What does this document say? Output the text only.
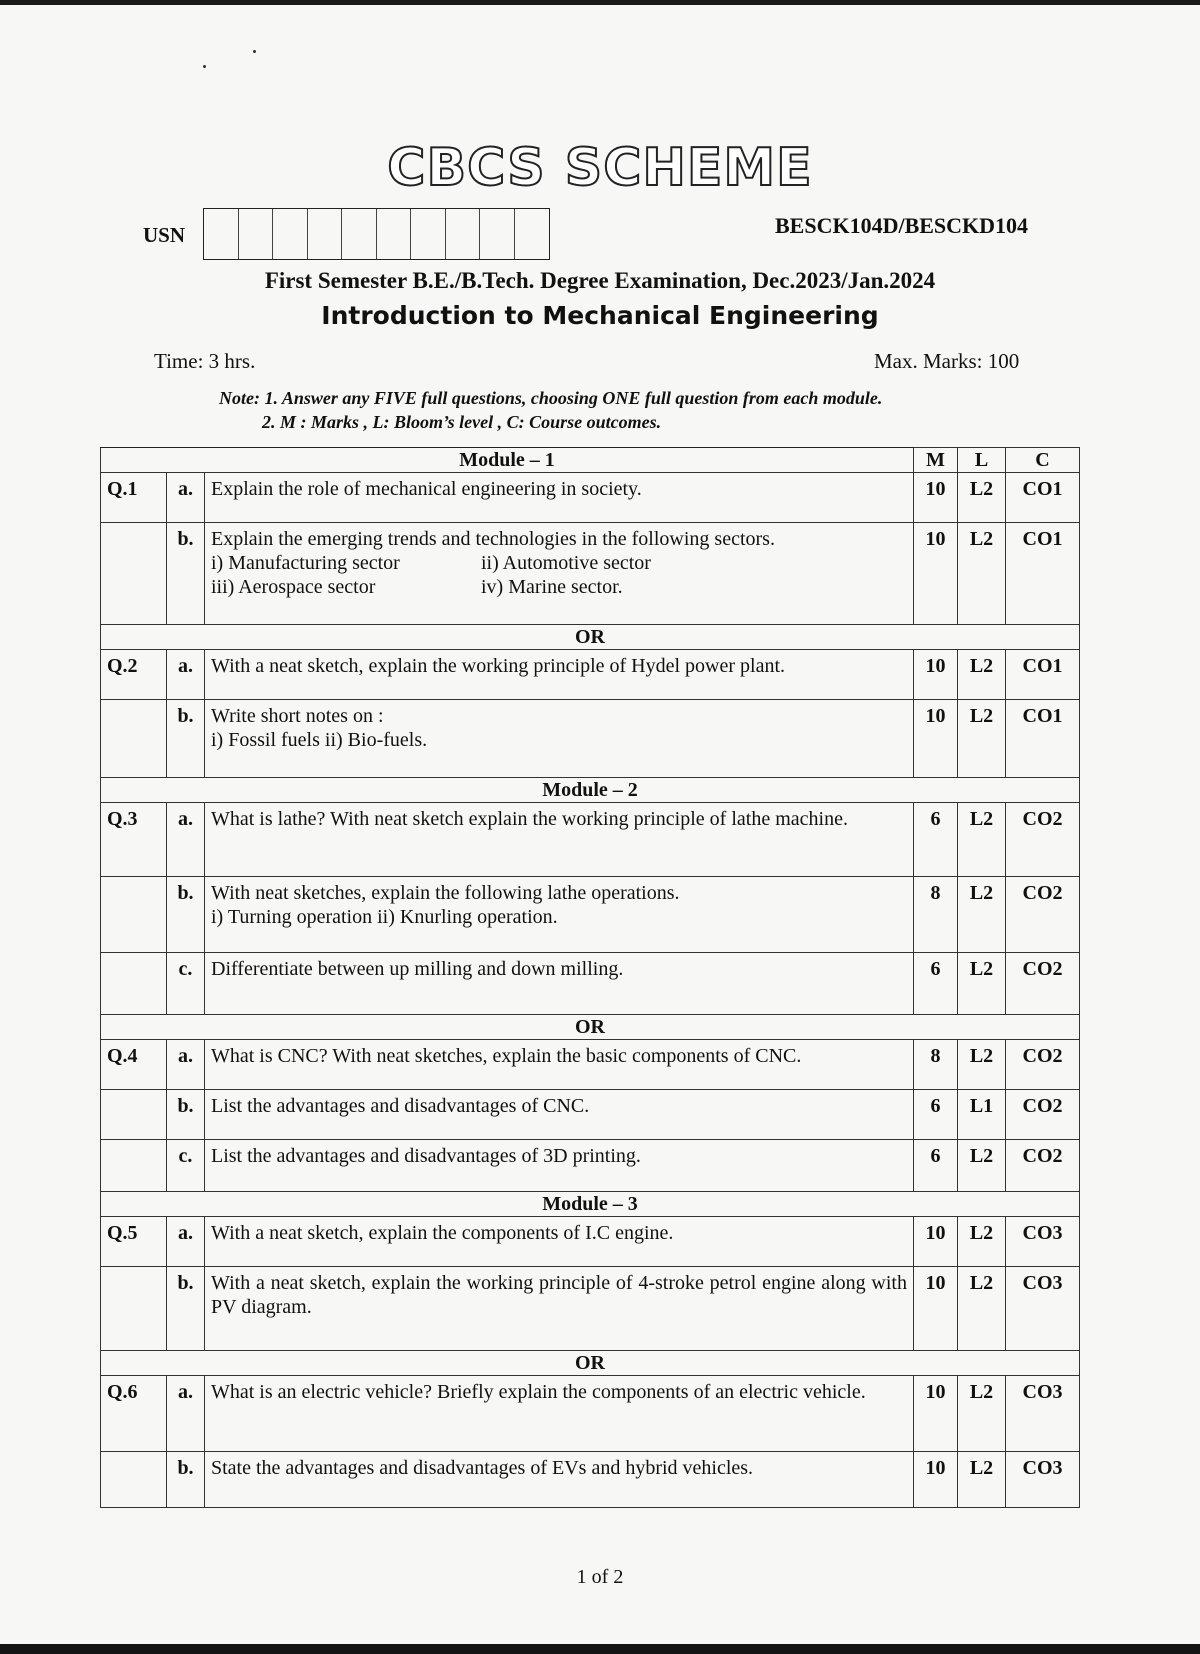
CBCS SCHEME
USN	BESCK104D/BESCKD104
First Semester B.E./B.Tech. Degree Examination, Dec.2023/Jan.2024
Introduction to Mechanical Engineering
Time: 3 hrs.	Max. Marks: 100
Note: 1. Answer any FIVE full questions, choosing ONE full question from each module.
2. M : Marks , L: Bloom’s level , C: Course outcomes.
Module – 1			M	L	C
Q.1	a.	Explain the role of mechanical engineering in society.	10	L2	CO1
	b.	Explain the emerging trends and technologies in the following sectors.
i) Manufacturing sector ii) Automotive sector
iii) Aerospace sector iv) Marine sector.	10	L2	CO1
OR					
Q.2	a.	With a neat sketch, explain the working principle of Hydel power plant.	10	L2	CO1
	b.	Write short notes on :
i) Fossil fuels ii) Bio-fuels.	10	L2	CO1
Module – 2					
Q.3	a.	What is lathe? With neat sketch explain the working principle of lathe machine.	6	L2	CO2
	b.	With neat sketches, explain the following lathe operations.
i) Turning operation ii) Knurling operation.	8	L2	CO2
	c.	Differentiate between up milling and down milling.	6	L2	CO2
OR					
Q.4	a.	What is CNC? With neat sketches, explain the basic components of CNC.	8	L2	CO2
	b.	List the advantages and disadvantages of CNC.	6	L1	CO2
	c.	List the advantages and disadvantages of 3D printing.	6	L2	CO2
Module – 3					
Q.5	a.	With a neat sketch, explain the components of I.C engine.	10	L2	CO3
	b.	With a neat sketch, explain the working principle of 4-stroke petrol engine along with PV diagram.	10	L2	CO3
OR					
Q.6	a.	What is an electric vehicle? Briefly explain the components of an electric vehicle.	10	L2	CO3
	b.	State the advantages and disadvantages of EVs and hybrid vehicles.	10	L2	CO3
1 of 2
